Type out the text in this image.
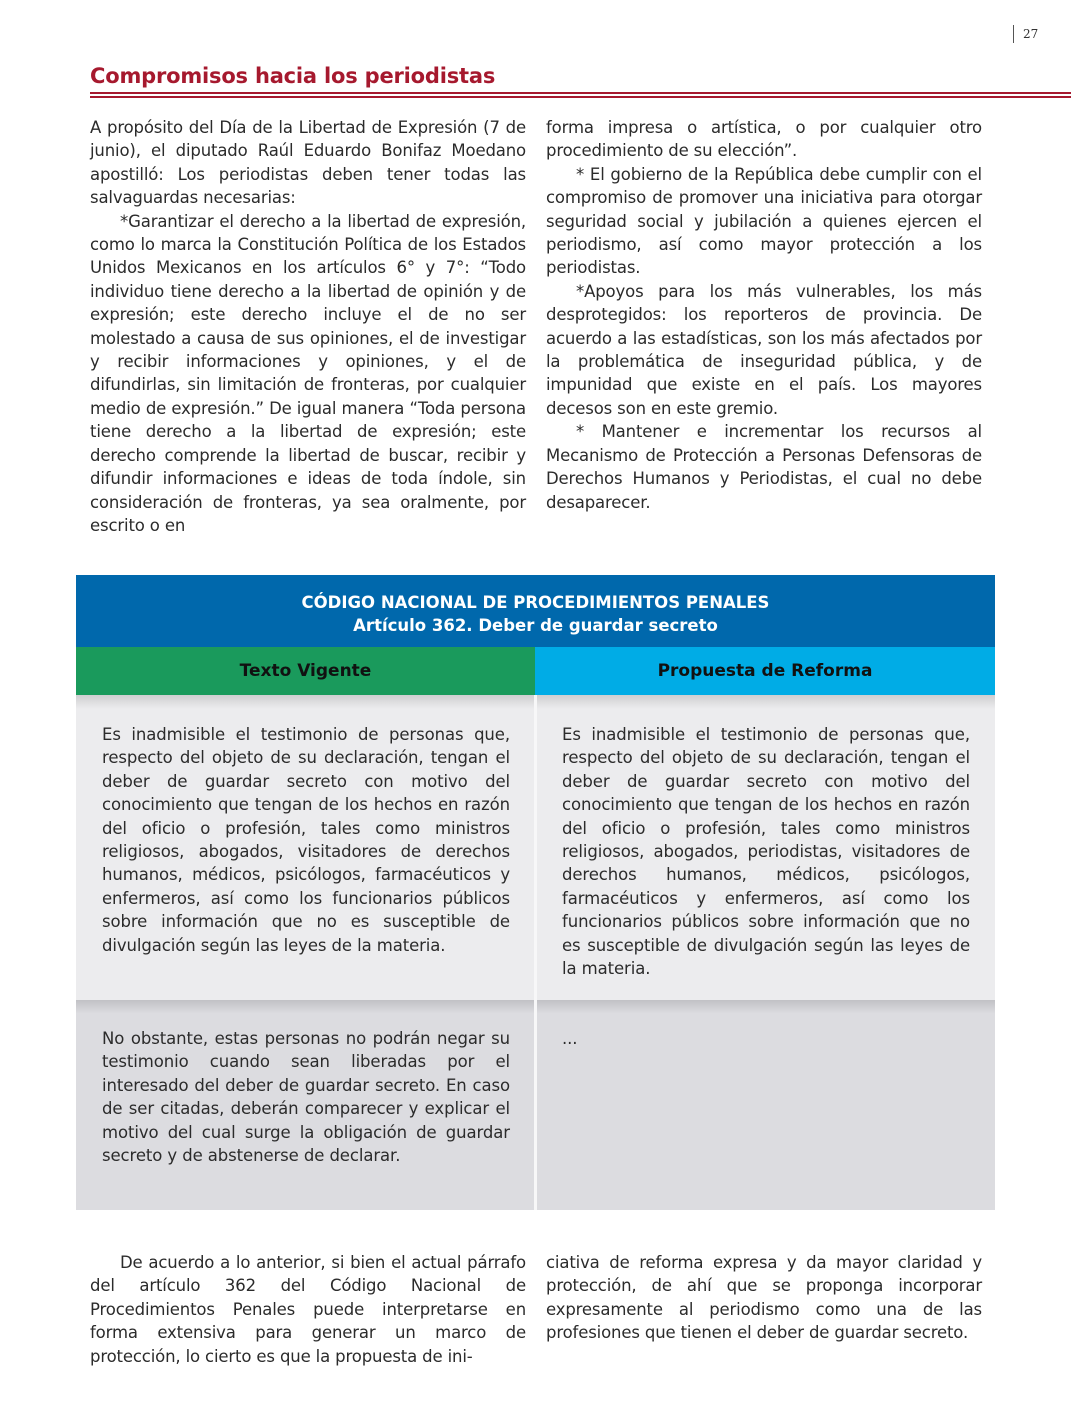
27
Compromisos hacia los periodistas

A propósito del Día de la Libertad de Expresión (7 de junio), el diputado Raúl Eduardo Bonifaz Moedano apostilló: Los periodistas deben tener todas las salvaguardas necesarias:

*Garantizar el derecho a la libertad de expresión, como lo marca la Constitución Política de los Estados Unidos Mexicanos en los artículos 6° y 7°: “Todo individuo tiene derecho a la libertad de opinión y de expresión; este derecho incluye el de no ser molestado a causa de sus opiniones, el de investigar y recibir informaciones y opiniones, y el de difundirlas, sin limitación de fronteras, por cualquier medio de expresión.” De igual manera “Toda persona tiene derecho a la libertad de expresión; este derecho comprende la libertad de buscar, recibir y difundir informaciones e ideas de toda índole, sin consideración de fronteras, ya sea oralmente, por escrito o en

forma impresa o artística, o por cualquier otro procedimiento de su elección”.

* El gobierno de la República debe cumplir con el compromiso de promover una iniciativa para otorgar seguridad social y jubilación a quienes ejercen el periodismo, así como mayor protección a los periodistas.

*Apoyos para los más vulnerables, los más desprotegidos: los reporteros de provincia. De acuerdo a las estadísticas, son los más afectados por la problemática de inseguridad pública, y de impunidad que existe en el país. Los mayores decesos son en este gremio.

* Mantener e incrementar los recursos al Mecanismo de Protección a Personas Defensoras de Derechos Humanos y Periodistas, el cual no debe desaparecer.

CÓDIGO NACIONAL DE PROCEDIMIENTOS PENALES
Artículo 362. Deber de guardar secreto
Texto Vigente	Propuesta de Reforma
Es inadmisible el testimonio de personas que, respecto del objeto de su declaración, tengan el deber de guardar secreto con motivo del conocimiento que tengan de los hechos en razón del oficio o profesión, tales como ministros religiosos, abogados, visitadores de derechos humanos, médicos, psicólogos, farmacéuticos y enfermeros, así como los funcionarios públicos sobre información que no es susceptible de divulgación según las leyes de la materia.
Es inadmisible el testimonio de personas que, respecto del objeto de su declaración, tengan el deber de guardar secreto con motivo del conocimiento que tengan de los hechos en razón del oficio o profesión, tales como ministros religiosos, abogados, periodistas, visitadores de derechos humanos, médicos, psicólogos, farmacéuticos y enfermeros, así como los funcionarios públicos sobre información que no es susceptible de divulgación según las leyes de la materia.
No obstante, estas personas no podrán negar su testimonio cuando sean liberadas por el interesado del deber de guardar secreto. En caso de ser citadas, deberán comparecer y explicar el motivo del cual surge la obligación de guardar secreto y de abstenerse de declarar.
...

De acuerdo a lo anterior, si bien el actual párrafo del artículo 362 del Código Nacional de Procedimientos Penales puede interpretarse en forma extensiva para generar un marco de protección, lo cierto es que la propuesta de ini-

ciativa de reforma expresa y da mayor claridad y protección, de ahí que se proponga incorporar expresamente al periodismo como una de las profesiones que tienen el deber de guardar secreto.
